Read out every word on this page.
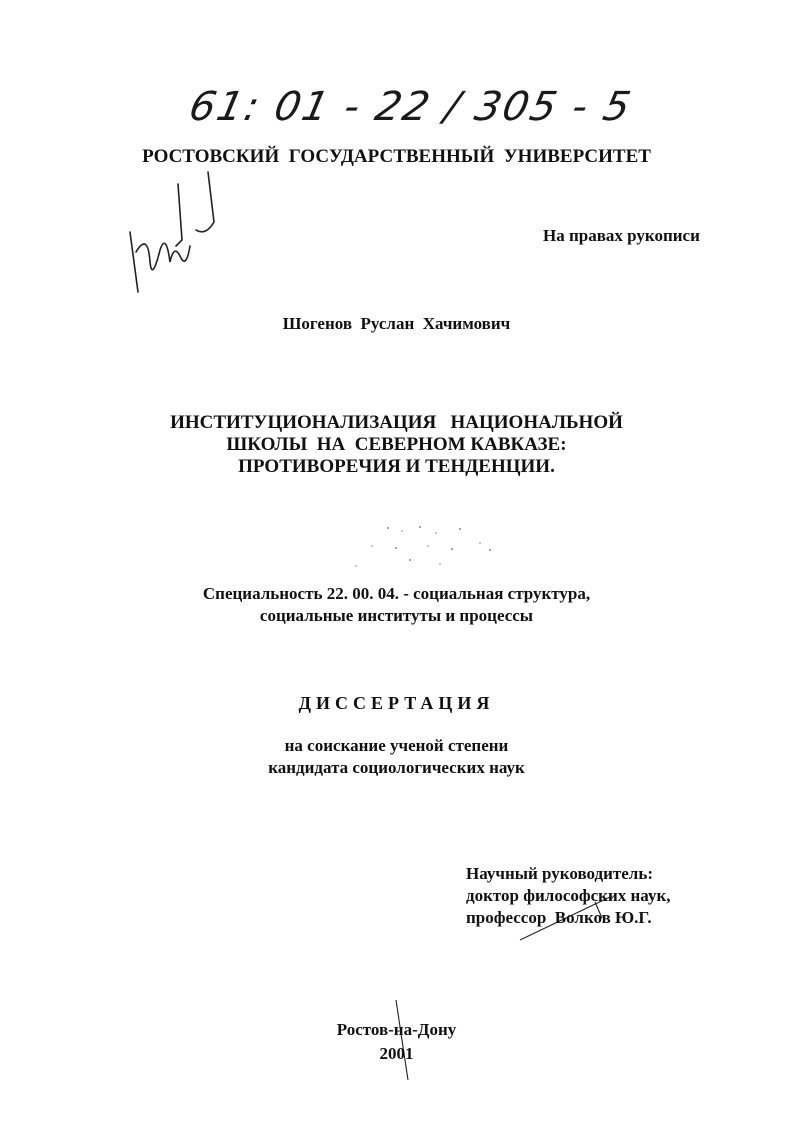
61: 01 - 22 / 305 - 5
РОСТОВСКИЙ  ГОСУДАРСТВЕННЫЙ  УНИВЕРСИТЕТ
На правах рукописи
Шогенов  Руслан  Хачимович
ИНСТИТУЦИОНАЛИЗАЦИЯ   НАЦИОНАЛЬНОЙ
ШКОЛЫ  НА  СЕВЕРНОМ КАВКАЗЕ:
ПРОТИВОРЕЧИЯ И ТЕНДЕНЦИИ.
Специальность 22. 00. 04. - социальная структура,
социальные институты и процессы
ДИССЕРТАЦИЯ
на соискание ученой степени
кандидата социологических наук
Научный руководитель:
доктор философских наук,
профессор  Волков Ю.Г.
Ростов-на-Дону
2001
